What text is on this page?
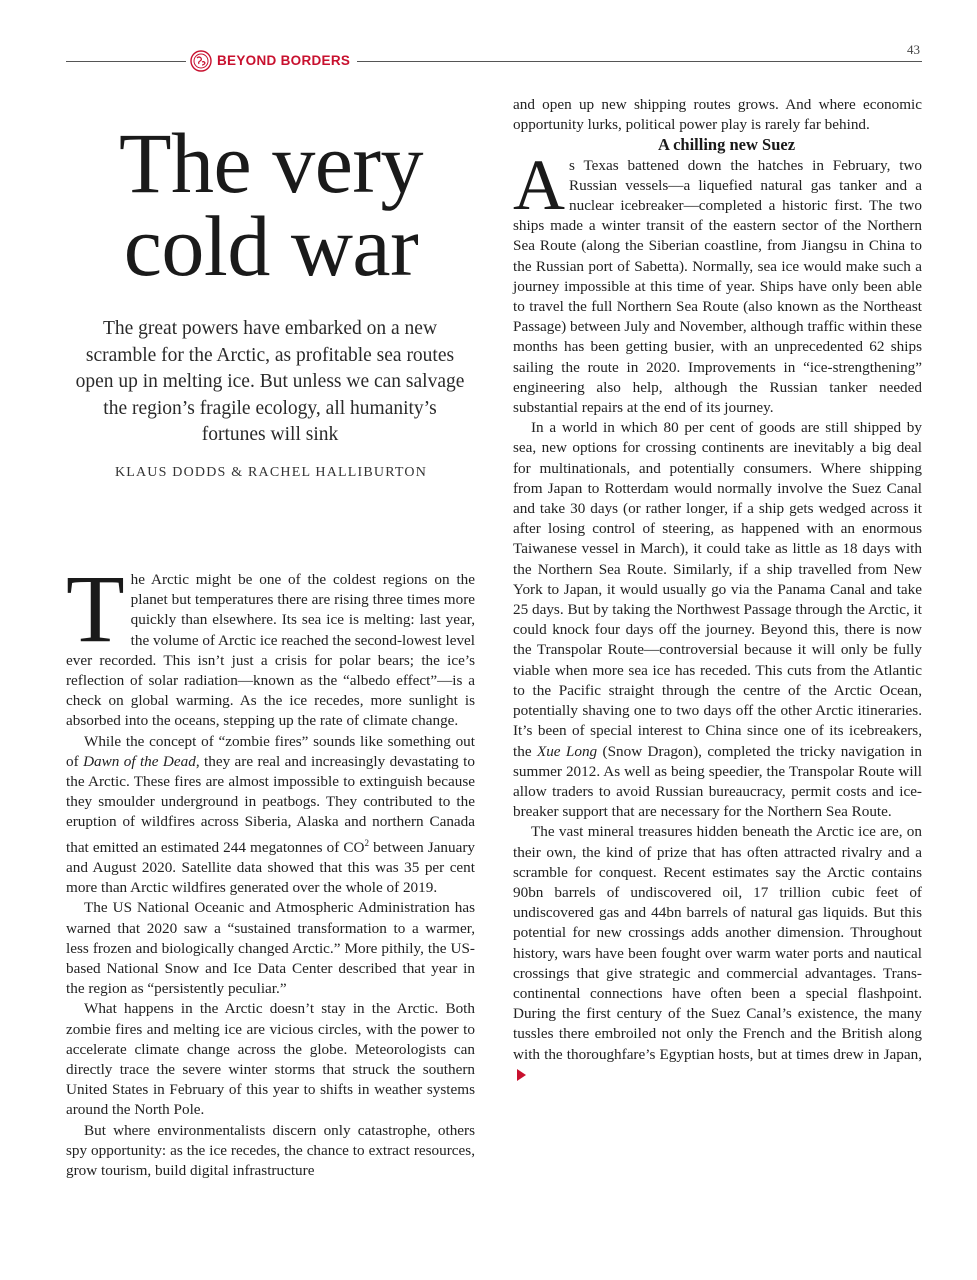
BEYOND BORDERS
43
The very
cold war
The great powers have embarked on a new scramble for the Arctic, as profitable sea routes open up in melting ice. But unless we can salvage the region’s fragile ecology, all humanity’s fortunes will sink
KLAUS DODDS & RACHEL HALLIBURTON

The Arctic might be one of the coldest regions on the planet but temperatures there are rising three times more quickly than elsewhere. Its sea ice is melting: last year, the volume of Arctic ice reached the second-lowest level ever recorded. This isn’t just a crisis for polar bears; the ice’s reflection of solar radiation—known as the “albedo effect”—is a check on global warming. As the ice recedes, more sunlight is absorbed into the oceans, stepping up the rate of climate change.

While the concept of “zombie fires” sounds like something out of Dawn of the Dead, they are real and increasingly devastating to the Arctic. These fires are almost impossible to extinguish because they smoulder underground in peatbogs. They contributed to the eruption of wildfires across Siberia, Alaska and northern Canada that emitted an estimated 244 megatonnes of $CO^2$ between January and August 2020. Satellite data showed that this was 35 per cent more than Arctic wildfires generated over the whole of 2019.

The US National Oceanic and Atmospheric Administration has warned that 2020 saw a “sustained transformation to a warmer, less frozen and biologically changed Arctic.” More pithily, the US-based National Snow and Ice Data Center described that year in the region as “persistently peculiar.”

What happens in the Arctic doesn’t stay in the Arctic. Both zombie fires and melting ice are vicious circles, with the power to accelerate climate change across the globe. Meteorologists can directly trace the severe winter storms that struck the southern United States in February of this year to shifts in weather systems around the North Pole.

But where environmentalists discern only catastrophe, others spy opportunity: as the ice recedes, the chance to extract resources, grow tourism, build digital infrastructure

and open up new shipping routes grows. And where economic opportunity lurks, political power play is rarely far behind.

A chilling new Suez

As Texas battened down the hatches in February, two Russian vessels—a liquefied natural gas tanker and a nuclear icebreaker—completed a historic first. The two ships made a winter transit of the eastern sector of the Northern Sea Route (along the Siberian coastline, from Jiangsu in China to the Russian port of Sabetta). Normally, sea ice would make such a journey impossible at this time of year. Ships have only been able to travel the full Northern Sea Route (also known as the Northeast Passage) between July and November, although traffic within these months has been getting busier, with an unprecedented 62 ships sailing the route in 2020. Improvements in “ice-strengthening” engineering also help, although the Russian tanker needed substantial repairs at the end of its journey.

In a world in which 80 per cent of goods are still shipped by sea, new options for crossing continents are inevitably a big deal for multinationals, and potentially consumers. Where shipping from Japan to Rotterdam would normally involve the Suez Canal and take 30 days (or rather longer, if a ship gets wedged across it after losing control of steering, as happened with an enormous Taiwanese vessel in March), it could take as little as 18 days with the Northern Sea Route. Similarly, if a ship travelled from New York to Japan, it would usually go via the Panama Canal and take 25 days. But by taking the Northwest Passage through the Arctic, it could knock four days off the journey. Beyond this, there is now the Transpolar Route—controversial because it will only be fully viable when more sea ice has receded. This cuts from the Atlantic to the Pacific straight through the centre of the Arctic Ocean, potentially shaving one to two days off the other Arctic itineraries. It’s been of special interest to China since one of its icebreakers, the Xue Long (Snow Dragon), completed the tricky navigation in summer 2012. As well as being speedier, the Transpolar Route will allow traders to avoid Russian bureaucracy, permit costs and ice-breaker support that are necessary for the Northern Sea Route.

The vast mineral treasures hidden beneath the Arctic ice are, on their own, the kind of prize that has often attracted rivalry and a scramble for conquest. Recent estimates say the Arctic contains 90bn barrels of undiscovered oil, 17 trillion cubic feet of undiscovered gas and 44bn barrels of natural gas liquids. But this potential for new crossings adds another dimension. Throughout history, wars have been fought over warm water ports and nautical crossings that give strategic and commercial advantages. Trans-continental connections have often been a special flashpoint. During the first century of the Suez Canal’s existence, the many tussles there embroiled not only the French and the British along with the thoroughfare’s Egyptian hosts, but at times drew in Japan,
